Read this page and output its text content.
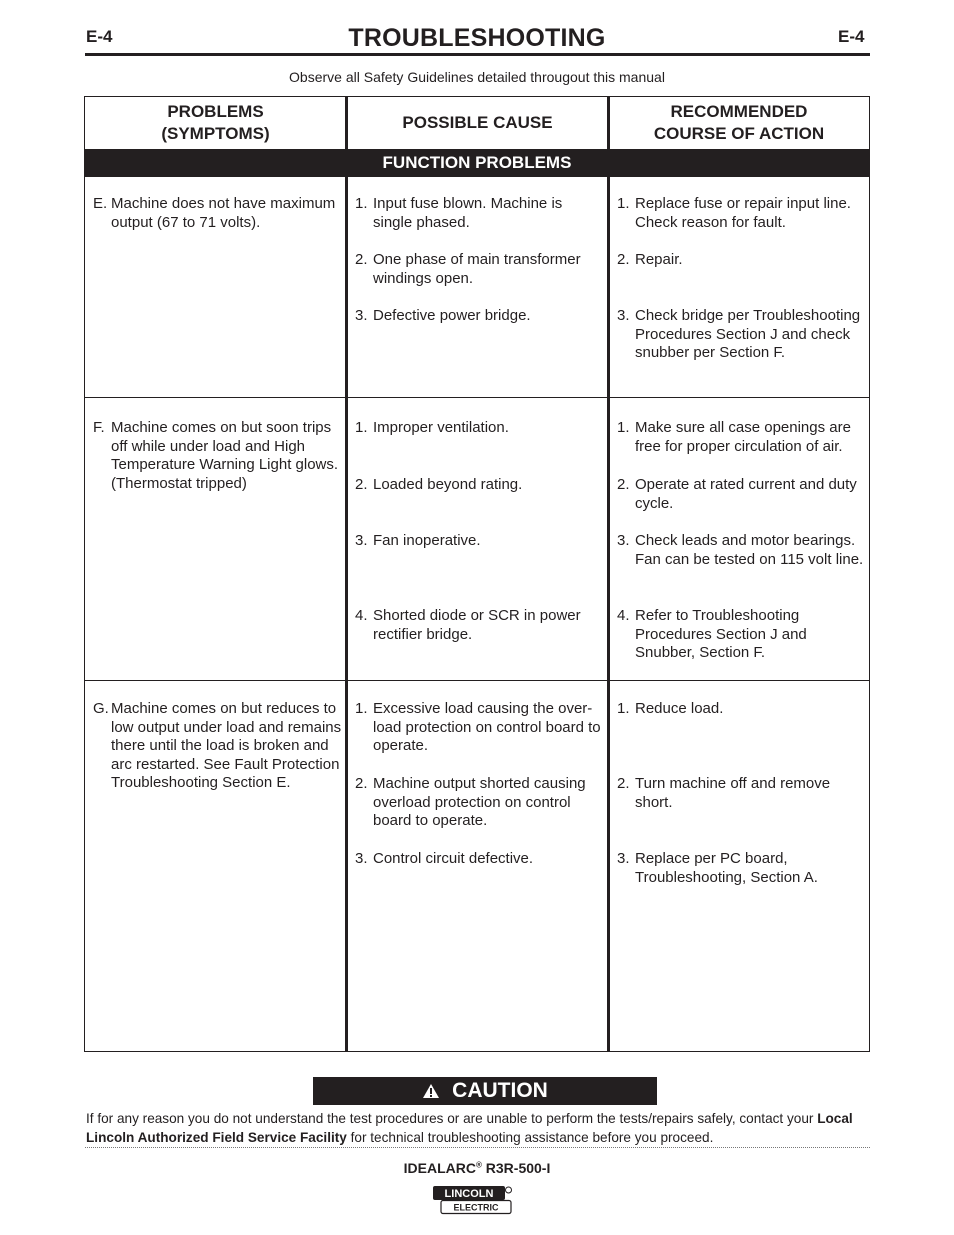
E-4	TROUBLESHOOTING	E-4
Observe all Safety Guidelines detailed througout this manual
PROBLEMS
(SYMPTOMS)
POSSIBLE CAUSE
RECOMMENDED
COURSE OF ACTION
FUNCTION PROBLEMS
E. Machine does not have maximum output (67 to 71 volts).
1. Input fuse blown. Machine is single phased.
2. One phase of main transformer windings open.
3. Defective power bridge.
1. Replace fuse or repair input line. Check reason for fault.
2. Repair.
3. Check bridge per Troubleshooting Procedures Section J and check snubber per Section F.
F. Machine comes on but soon trips off while under load and High Temperature Warning Light glows. (Thermostat tripped)
1. Improper ventilation.
2. Loaded beyond rating.
3. Fan inoperative.
4. Shorted diode or SCR in power rectifier bridge.
1. Make sure all case openings are free for proper circulation of air.
2. Operate at rated current and duty cycle.
3. Check leads and motor bearings. Fan can be tested on 115 volt line.
4. Refer to Troubleshooting Procedures Section J and Snubber, Section F.
G. Machine comes on but reduces to low output under load and remains there until the load is broken and arc restarted. See Fault Protection Troubleshooting Section E.
1. Excessive load causing the over-load protection on control board to operate.
2. Machine output shorted causing overload protection on control board to operate.
3. Control circuit defective.
1. Reduce load.
2. Turn machine off and remove short.
3. Replace per PC board, Troubleshooting, Section A.
CAUTION
If for any reason you do not understand the test procedures or are unable to perform the tests/repairs safely, contact your Local
Lincoln Authorized Field Service Facility for technical troubleshooting assistance before you proceed.
IDEALARC® R3R-500-I
LINCOLN
ELECTRIC
